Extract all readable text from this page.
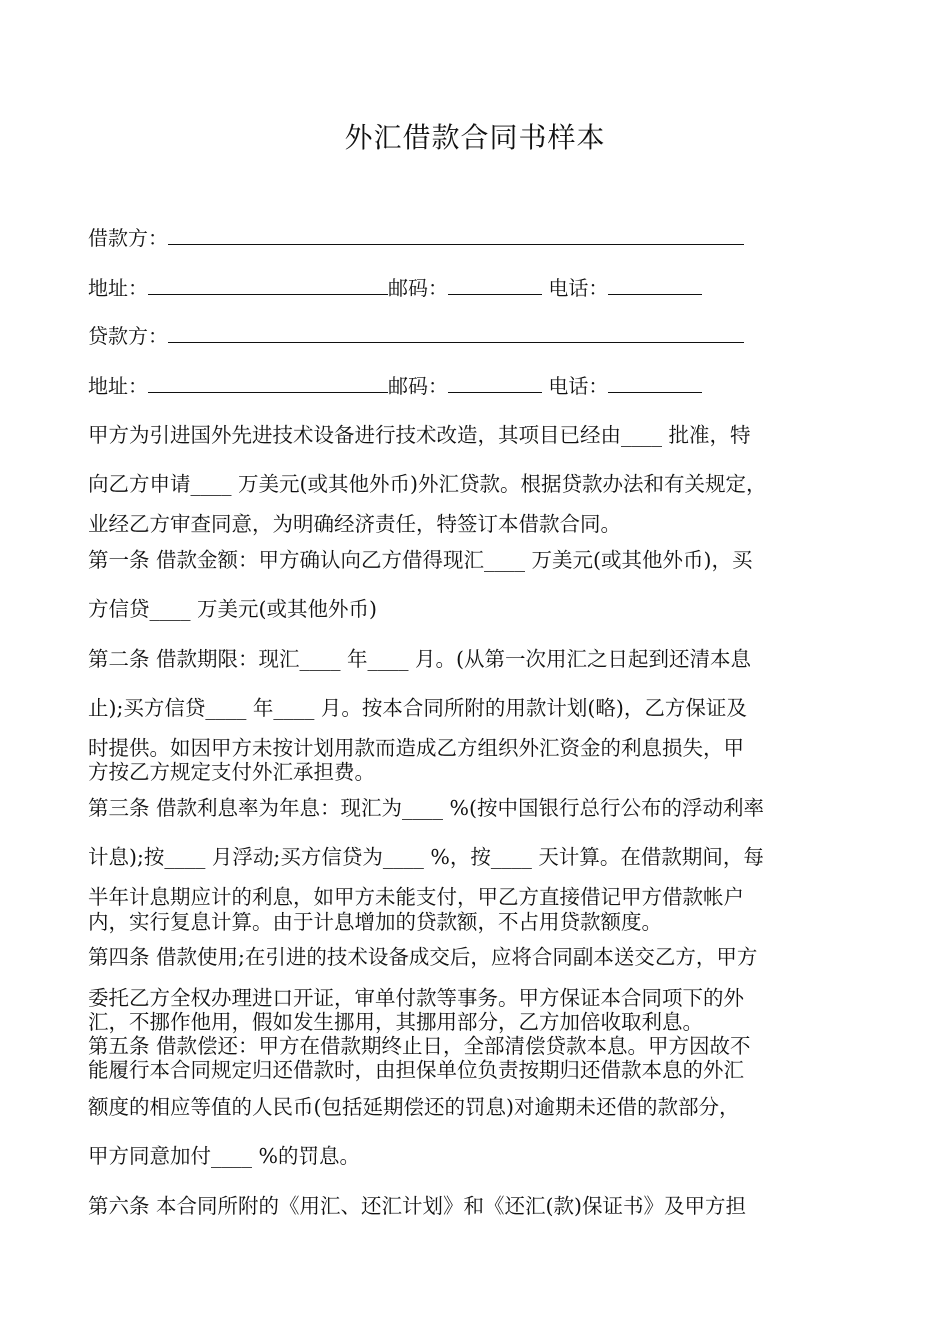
外汇借款合同书样本
借款方：
地址：	邮码：	电话：
贷款方：
地址：	邮码：	电话：
甲方为引进国外先进技术设备进行技术改造，其项目已经由____ 批准，特
向乙方申请____ 万美元(或其他外币)外汇贷款。根据贷款办法和有关规定，
业经乙方审查同意，为明确经济责任，特签订本借款合同。
第一条 借款金额：甲方确认向乙方借得现汇____ 万美元(或其他外币)，买
方信贷____ 万美元(或其他外币)
第二条 借款期限：现汇____ 年____ 月。(从第一次用汇之日起到还清本息
止);买方信贷____ 年____ 月。按本合同所附的用款计划(略)，乙方保证及
时提供。如因甲方未按计划用款而造成乙方组织外汇资金的利息损失，甲
方按乙方规定支付外汇承担费。
第三条 借款利息率为年息：现汇为____ %(按中国银行总行公布的浮动利率
计息);按____ 月浮动;买方信贷为____ %，按____ 天计算。在借款期间，每
半年计息期应计的利息，如甲方未能支付，甲乙方直接借记甲方借款帐户
内，实行复息计算。由于计息增加的贷款额，不占用贷款额度。
第四条 借款使用;在引进的技术设备成交后，应将合同副本送交乙方，甲方
委托乙方全权办理进口开证，审单付款等事务。甲方保证本合同项下的外
汇，不挪作他用，假如发生挪用，其挪用部分，乙方加倍收取利息。
第五条 借款偿还：甲方在借款期终止日，全部清偿贷款本息。甲方因故不
能履行本合同规定归还借款时，由担保单位负责按期归还借款本息的外汇
额度的相应等值的人民币(包括延期偿还的罚息)对逾期未还借的款部分，
甲方同意加付____ %的罚息。
第六条 本合同所附的《用汇、还汇计划》和《还汇(款)保证书》及甲方担
